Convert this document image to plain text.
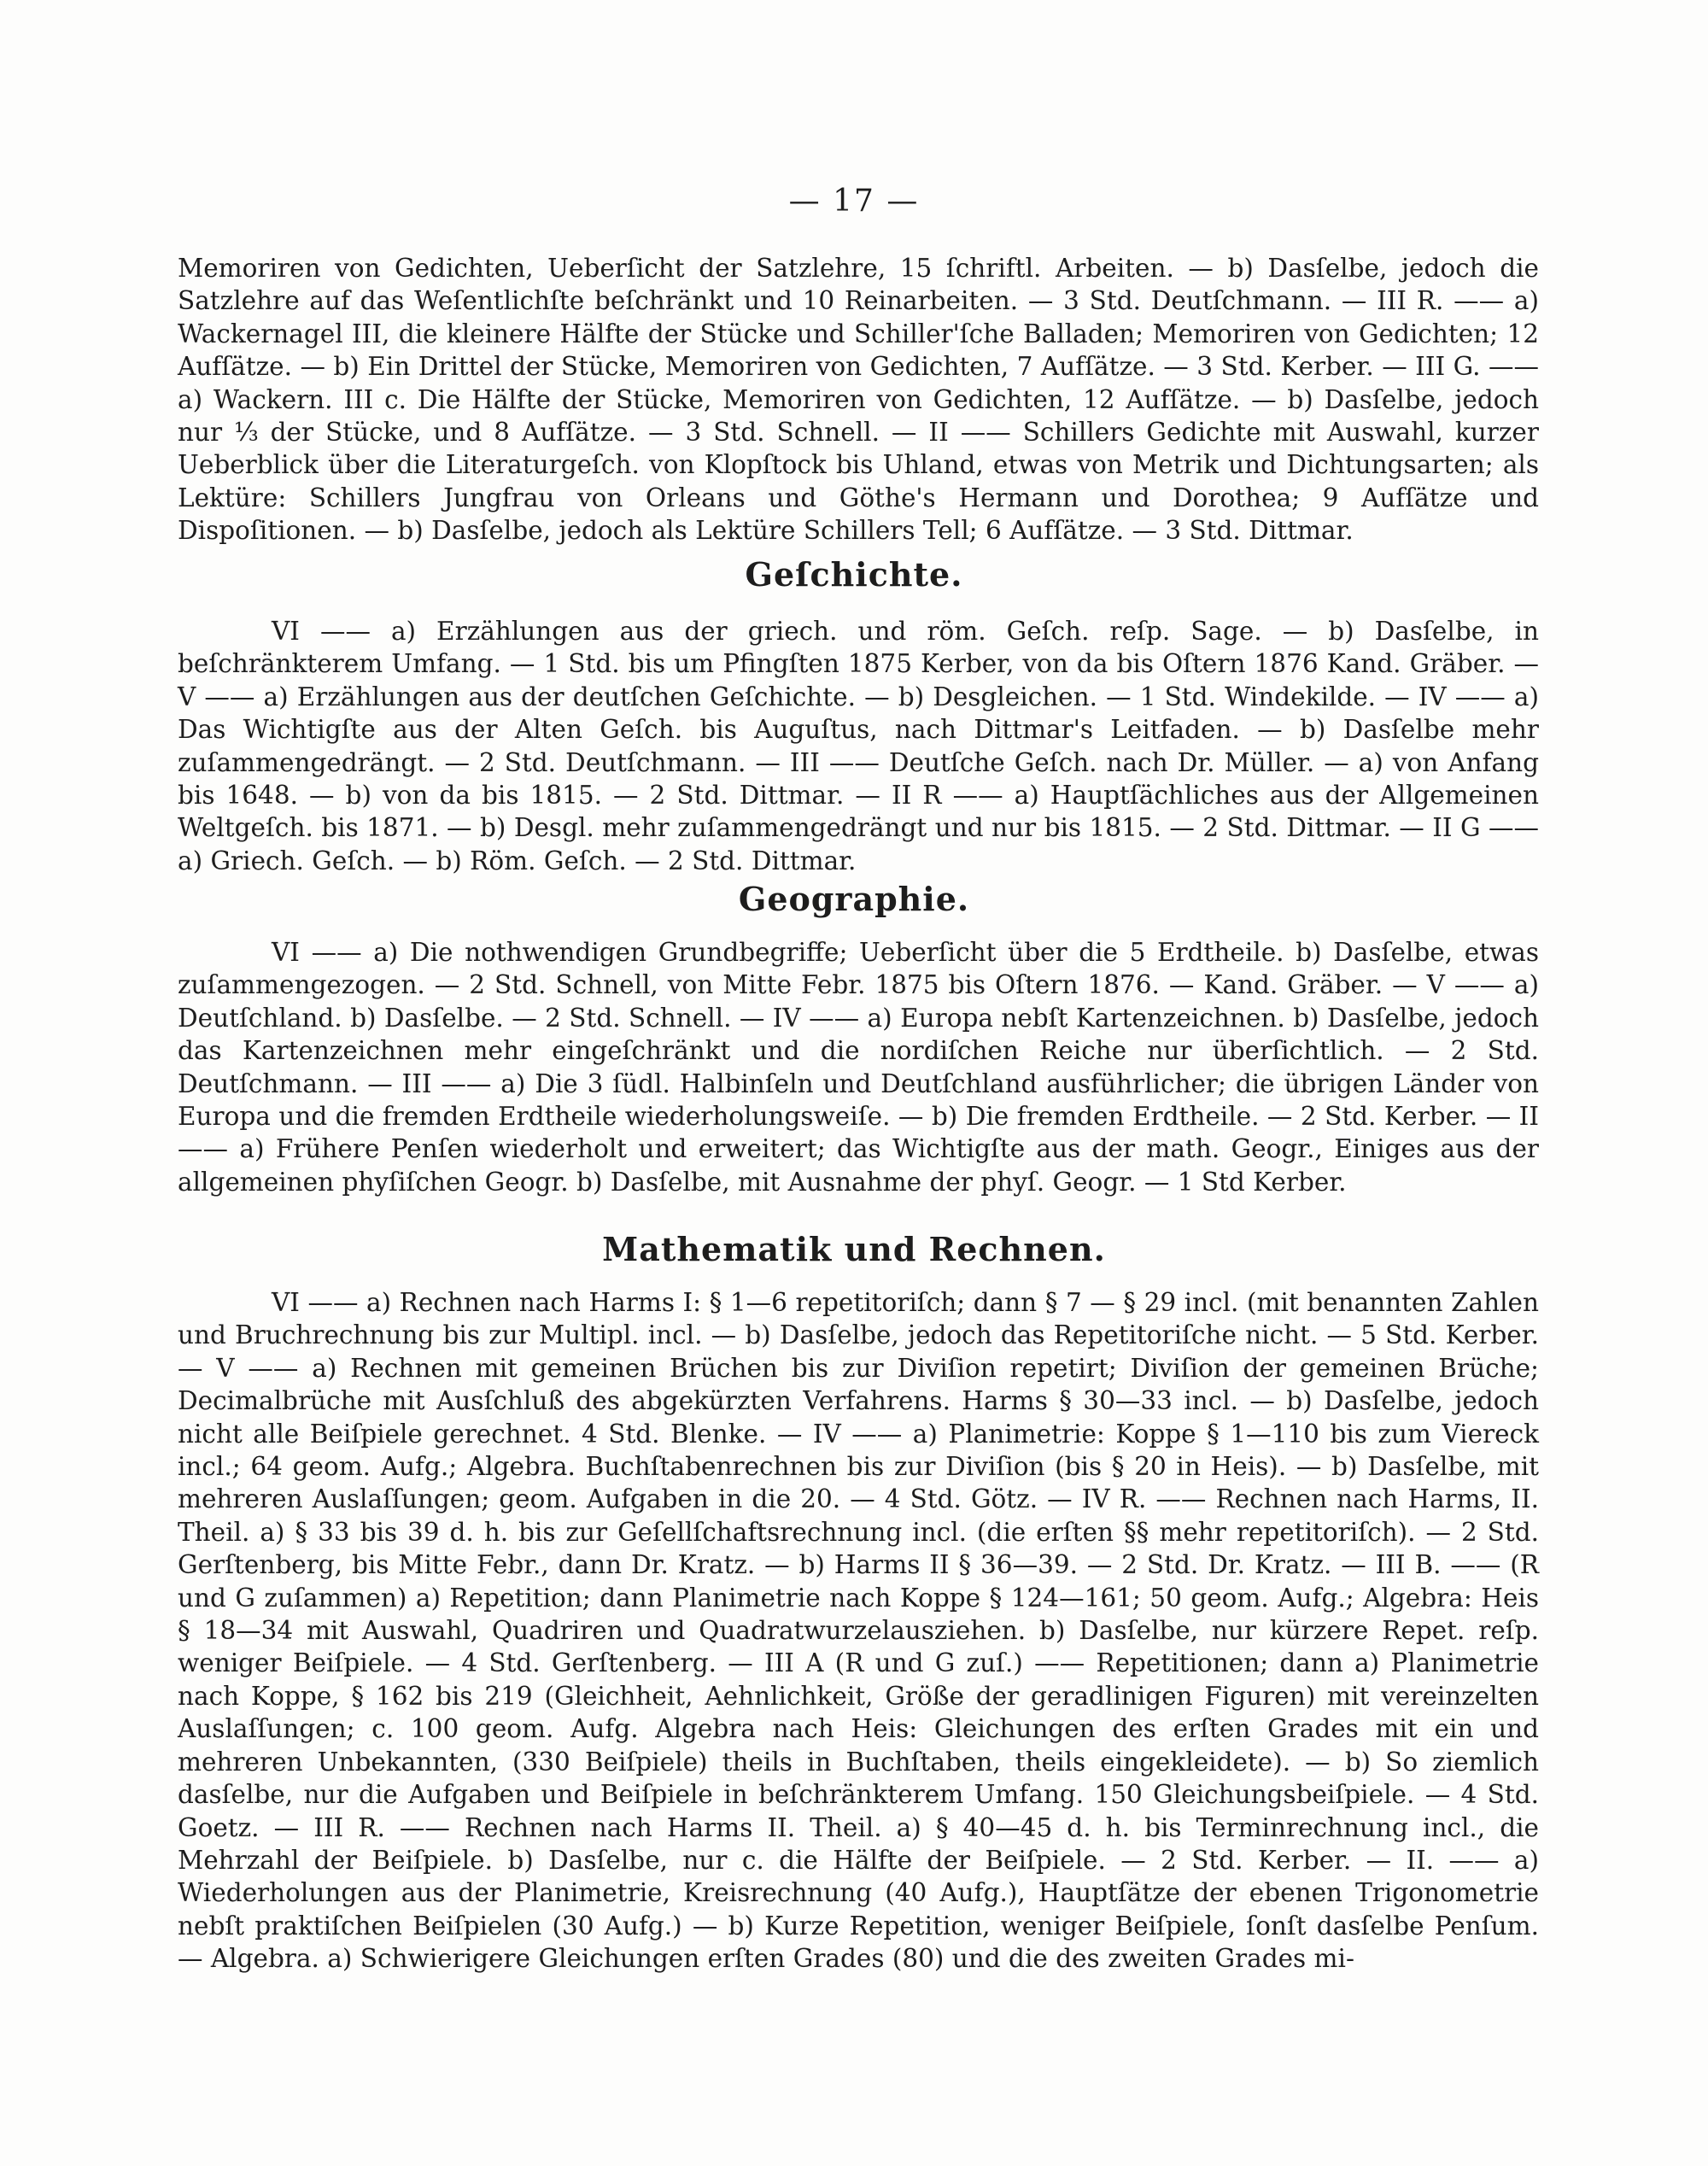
— 17 —

Memoriren von Gedichten, Ueberſicht der Satzlehre, 15 ſchriftl. Arbeiten. — b) Dasſelbe, jedoch die Satzlehre auf das Weſentlichſte beſchränkt und 10 Reinarbeiten. — 3 Std. Deutſchmann. — III R. —— a) Wackernagel III, die kleinere Hälfte der Stücke und Schiller'ſche Balladen; Memoriren von Gedichten; 12 Aufſätze. — b) Ein Drittel der Stücke, Memoriren von Gedichten, 7 Aufſätze. — 3 Std. Kerber. — III G. —— a) Wackern. III c. Die Hälfte der Stücke, Memoriren von Gedichten, 12 Aufſätze. — b) Dasſelbe, jedoch nur ⅓ der Stücke, und 8 Aufſätze. — 3 Std. Schnell. — II —— Schillers Gedichte mit Auswahl, kurzer Ueberblick über die Literaturgeſch. von Klopſtock bis Uhland, etwas von Metrik und Dichtungsarten; als Lektüre: Schillers Jungfrau von Orleans und Göthe's Hermann und Dorothea; 9 Aufſätze und Dispoſitionen. — b) Dasſelbe, jedoch als Lektüre Schillers Tell; 6 Aufſätze. — 3 Std. Dittmar.

Geſchichte.

VI —— a) Erzählungen aus der griech. und röm. Geſch. reſp. Sage. — b) Dasſelbe, in beſchränkterem Umfang. — 1 Std. bis um Pfingſten 1875 Kerber, von da bis Oſtern 1876 Kand. Gräber. — V —— a) Erzählungen aus der deutſchen Geſchichte. — b) Desgleichen. — 1 Std. Windekilde. — IV —— a) Das Wichtigſte aus der Alten Geſch. bis Auguſtus, nach Dittmar's Leitfaden. — b) Dasſelbe mehr zuſammengedrängt. — 2 Std. Deutſchmann. — III —— Deutſche Geſch. nach Dr. Müller. — a) von Anfang bis 1648. — b) von da bis 1815. — 2 Std. Dittmar. — II R —— a) Hauptſächliches aus der Allgemeinen Weltgeſch. bis 1871. — b) Desgl. mehr zuſammengedrängt und nur bis 1815. — 2 Std. Dittmar. — II G —— a) Griech. Geſch. — b) Röm. Geſch. — 2 Std. Dittmar.

Geographie.

VI —— a) Die nothwendigen Grundbegriffe; Ueberſicht über die 5 Erdtheile. b) Dasſelbe, etwas zuſammengezogen. — 2 Std. Schnell, von Mitte Febr. 1875 bis Oſtern 1876. — Kand. Gräber. — V —— a) Deutſchland. b) Dasſelbe. — 2 Std. Schnell. — IV —— a) Europa nebſt Kartenzeichnen. b) Dasſelbe, jedoch das Kartenzeichnen mehr eingeſchränkt und die nordiſchen Reiche nur überſichtlich. — 2 Std. Deutſchmann. — III —— a) Die 3 ſüdl. Halbinſeln und Deutſchland ausführlicher; die übrigen Länder von Europa und die fremden Erdtheile wiederholungsweiſe. — b) Die fremden Erdtheile. — 2 Std. Kerber. — II —— a) Frühere Penſen wiederholt und erweitert; das Wichtigſte aus der math. Geogr., Einiges aus der allgemeinen phyſiſchen Geogr. b) Dasſelbe, mit Ausnahme der phyſ. Geogr. — 1 Std Kerber.

Mathematik und Rechnen.

VI —— a) Rechnen nach Harms I: § 1—6 repetitoriſch; dann § 7 — § 29 incl. (mit benannten Zahlen und Bruchrechnung bis zur Multipl. incl. — b) Dasſelbe, jedoch das Repetitoriſche nicht. — 5 Std. Kerber. — V —— a) Rechnen mit gemeinen Brüchen bis zur Diviſion repetirt; Diviſion der gemeinen Brüche; Decimalbrüche mit Ausſchluß des abgekürzten Verfahrens. Harms § 30—33 incl. — b) Dasſelbe, jedoch nicht alle Beiſpiele gerechnet. 4 Std. Blenke. — IV —— a) Planimetrie: Koppe § 1—110 bis zum Viereck incl.; 64 geom. Aufg.; Algebra. Buchſtabenrechnen bis zur Diviſion (bis § 20 in Heis). — b) Dasſelbe, mit mehreren Auslaſſungen; geom. Aufgaben in die 20. — 4 Std. Götz. — IV R. —— Rechnen nach Harms, II. Theil. a) § 33 bis 39 d. h. bis zur Geſellſchaftsrechnung incl. (die erſten §§ mehr repetitoriſch). — 2 Std. Gerſtenberg, bis Mitte Febr., dann Dr. Kratz. — b) Harms II § 36—39. — 2 Std. Dr. Kratz. — III B. —— (R und G zuſammen) a) Repetition; dann Planimetrie nach Koppe § 124—161; 50 geom. Aufg.; Algebra: Heis § 18—34 mit Auswahl, Quadriren und Quadratwurzelausziehen. b) Dasſelbe, nur kürzere Repet. reſp. weniger Beiſpiele. — 4 Std. Gerſtenberg. — III A (R und G zuſ.) —— Repetitionen; dann a) Planimetrie nach Koppe, § 162 bis 219 (Gleichheit, Aehnlichkeit, Größe der geradlinigen Figuren) mit vereinzelten Auslaſſungen; c. 100 geom. Aufg. Algebra nach Heis: Gleichungen des erſten Grades mit ein und mehreren Unbekannten, (330 Beiſpiele) theils in Buchſtaben, theils eingekleidete). — b) So ziemlich dasſelbe, nur die Aufgaben und Beiſpiele in beſchränkterem Umfang. 150 Gleichungsbeiſpiele. — 4 Std. Goetz. — III R. —— Rechnen nach Harms II. Theil. a) § 40—45 d. h. bis Terminrechnung incl., die Mehrzahl der Beiſpiele. b) Dasſelbe, nur c. die Hälfte der Beiſpiele. — 2 Std. Kerber. — II. —— a) Wiederholungen aus der Planimetrie, Kreisrechnung (40 Aufg.), Hauptſätze der ebenen Trigonometrie nebſt praktiſchen Beiſpielen (30 Aufg.) — b) Kurze Repetition, weniger Beiſpiele, ſonſt dasſelbe Penſum. — Algebra. a) Schwierigere Gleichungen erſten Grades (80) und die des zweiten Grades mi-
